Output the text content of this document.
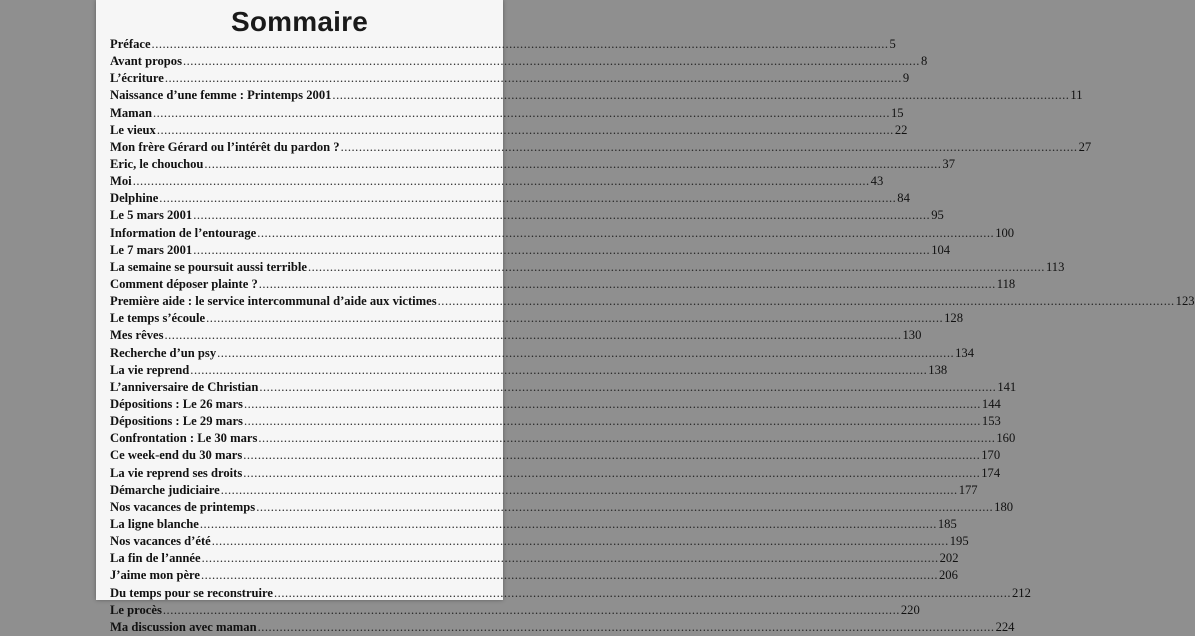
Sommaire
Préface .....	5
Avant propos .....	8
L’écriture .....	9
Naissance d’une femme : Printemps 2001 .....	11
Maman .....	15
Le vieux .....	22
Mon frère Gérard ou l’intérêt du pardon ? .....	27
Eric, le chouchou .....	37
Moi .....	43
Delphine .....	84
Le 5 mars 2001 .....	95
Information de l’entourage .....	100
Le 7 mars 2001 .....	104
La semaine se poursuit aussi terrible .....	113
Comment déposer plainte ? .....	118
Première aide : le service intercommunal d’aide aux victimes .....	123
Le temps s’écoule .....	128
Mes rêves .....	130
Recherche d’un psy .....	134
La vie reprend .....	138
L’anniversaire de Christian .....	141
Dépositions : Le 26 mars .....	144
Dépositions : Le 29 mars .....	153
Confrontation : Le 30 mars .....	160
Ce week-end du 30 mars .....	170
La vie reprend ses droits .....	174
Démarche judiciaire .....	177
Nos vacances de printemps .....	180
La ligne blanche .....	185
Nos vacances d’été .....	195
La fin de l’année .....	202
J’aime mon père .....	206
Du temps pour se reconstruire .....	212
Le procès .....	220
Ma discussion avec maman .....	224
